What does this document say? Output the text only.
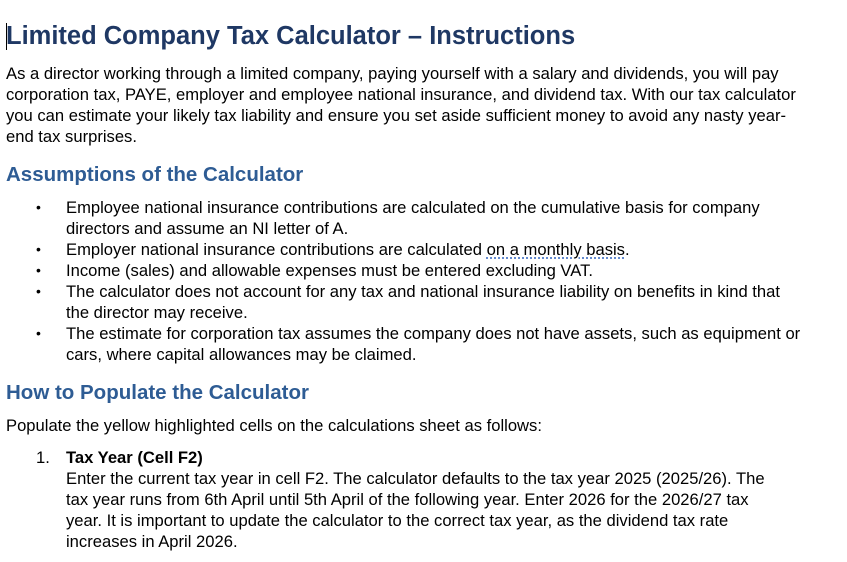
Limited Company Tax Calculator – Instructions

As a director working through a limited company, paying yourself with a salary and dividends, you will pay corporation tax, PAYE, employer and employee national insurance, and dividend tax. With our tax calculator you can estimate your likely tax liability and ensure you set aside sufficient money to avoid any nasty year-end tax surprises.

Assumptions of the Calculator
• Employee national insurance contributions are calculated on the cumulative basis for company directors and assume an NI letter of A.
• Employer national insurance contributions are calculated on a monthly basis.
• Income (sales) and allowable expenses must be entered excluding VAT.
• The calculator does not account for any tax and national insurance liability on benefits in kind that the director may receive.
• The estimate for corporation tax assumes the company does not have assets, such as equipment or cars, where capital allowances may be claimed.
How to Populate the Calculator

Populate the yellow highlighted cells on the calculations sheet as follows:

1. Tax Year (Cell F2)
Enter the current tax year in cell F2. The calculator defaults to the tax year 2025 (2025/26). The tax year runs from 6th April until 5th April of the following year. Enter 2026 for the 2026/27 tax year. It is important to update the calculator to the correct tax year, as the dividend tax rate increases in April 2026.
